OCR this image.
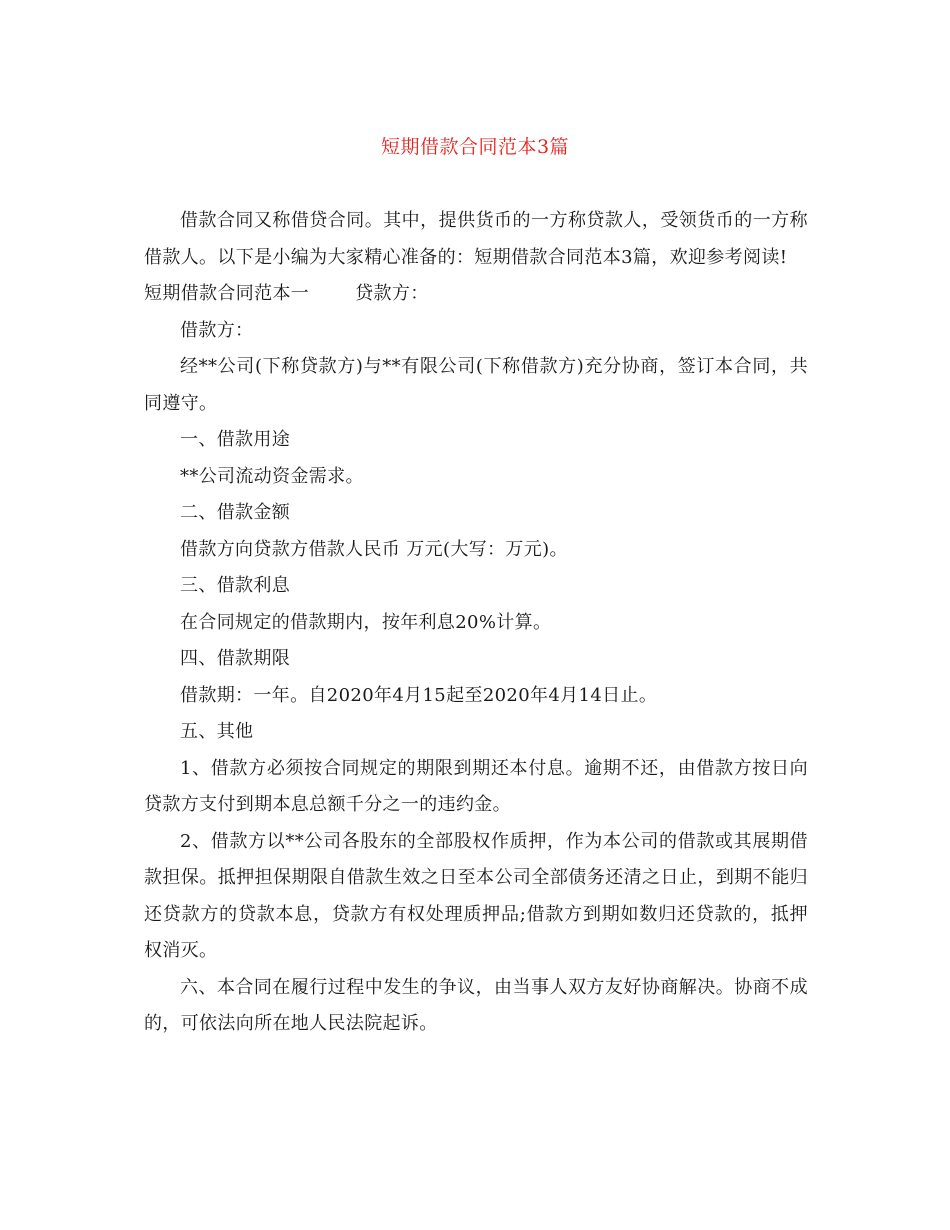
短期借款合同范本3篇

借款合同又称借贷合同。其中，提供货币的一方称贷款人，受领货币的一方称借款人。以下是小编为大家精心准备的：短期借款合同范本3篇，欢迎参考阅读!

短期借款合同范本一	贷款方：

借款方：

经**公司(下称贷款方)与**有限公司(下称借款方)充分协商，签订本合同，共同遵守。

一、借款用途

**公司流动资金需求。

二、借款金额

借款方向贷款方借款人民币 万元(大写：万元)。

三、借款利息

在合同规定的借款期内，按年利息20%计算。

四、借款期限

借款期：一年。自2020年4月15起至2020年4月14日止。

五、其他

1、借款方必须按合同规定的期限到期还本付息。逾期不还，由借款方按日向贷款方支付到期本息总额千分之一的违约金。

2、借款方以**公司各股东的全部股权作质押，作为本公司的借款或其展期借款担保。抵押担保期限自借款生效之日至本公司全部债务还清之日止，到期不能归还贷款方的贷款本息，贷款方有权处理质押品;借款方到期如数归还贷款的，抵押权消灭。

六、本合同在履行过程中发生的争议，由当事人双方友好协商解决。协商不成的，可依法向所在地人民法院起诉。
